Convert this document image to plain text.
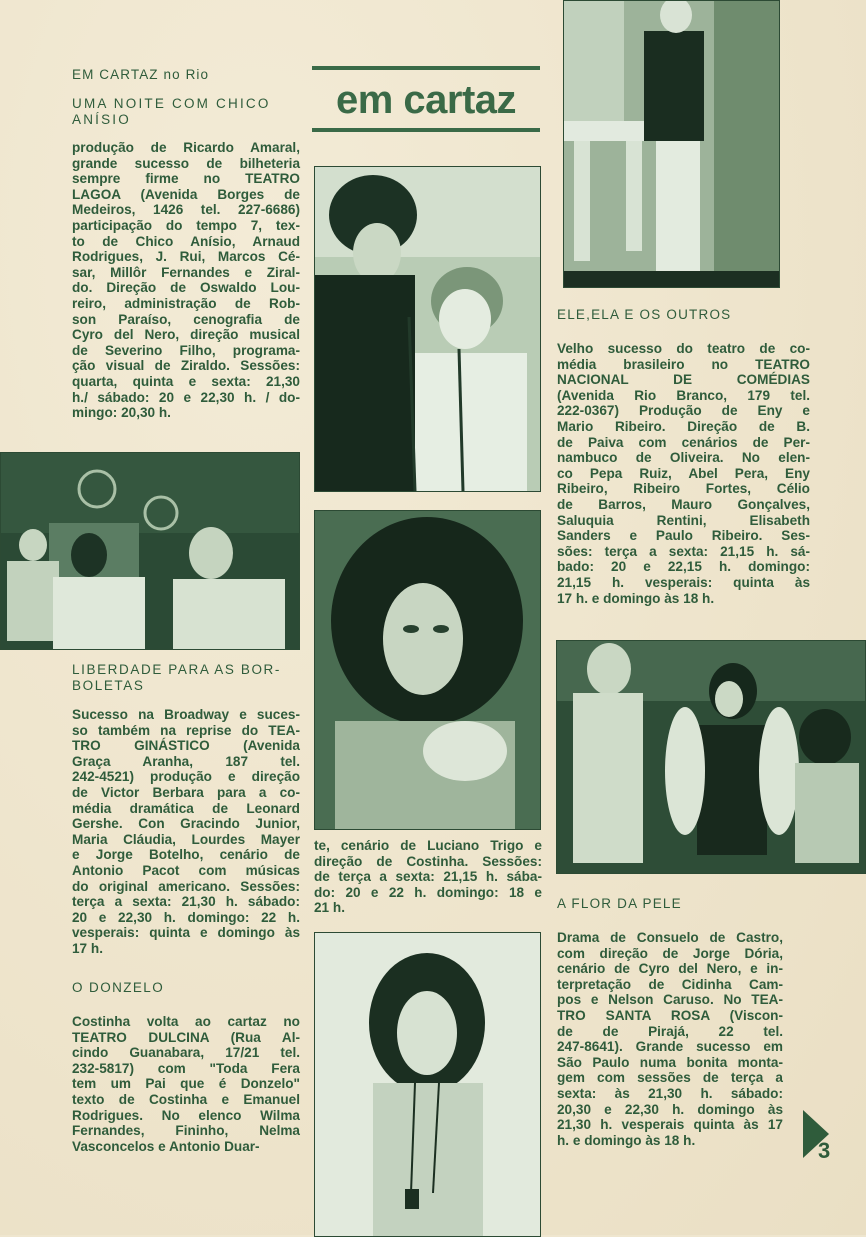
EM CARTAZ no Rio
UMA NOITE COM CHICO ANÍSIO
produção de Ricardo Amaral,
grande sucesso de bilheteria
sempre firme no TEATRO
LAGOA (Avenida Borges de
Medeiros, 1426 tel. 227-6686)
participação do tempo 7, tex-
to de Chico Anísio, Arnaud
Rodrigues, J. Rui, Marcos Cé-
sar, Millôr Fernandes e Ziral-
do. Direção de Oswaldo Lou-
reiro, administração de Rob-
son Paraíso, cenografia de
Cyro del Nero, direção musical
de Severino Filho, programa-
ção visual de Ziraldo. Sessões:
quarta, quinta e sexta: 21,30
h./ sábado: 20 e 22,30 h. / do-
mingo: 20,30 h.
LIBERDADE PARA AS BOR-
BOLETAS
Sucesso na Broadway e suces-
so também na reprise do TEA-
TRO GINÁSTICO (Avenida
Graça Aranha, 187 tel.
242-4521) produção e direção
de Victor Berbara para a co-
média dramática de Leonard
Gershe. Con Gracindo Junior,
Maria Cláudia, Lourdes Mayer
e Jorge Botelho, cenário de
Antonio Pacot com músicas
do original americano. Sessões:
terça a sexta: 21,30 h. sábado:
20 e 22,30 h. domingo: 22 h.
vesperais: quinta e domingo às
17 h.
O DONZELO
Costinha volta ao cartaz no
TEATRO DULCINA (Rua Al-
cindo Guanabara, 17/21 tel.
232-5817) com "Toda Fera
tem um Pai que é Donzelo"
texto de Costinha e Emanuel
Rodrigues. No elenco Wilma
Fernandes, Fininho, Nelma
Vasconcelos e Antonio Duar-
em cartaz
te, cenário de Luciano Trigo e
direção de Costinha. Sessões:
de terça a sexta: 21,15 h. sába-
do: 20 e 22 h. domingo: 18 e
21 h.
ELE,ELA E OS OUTROS
Velho sucesso do teatro de co-
média brasileiro no TEATRO
NACIONAL DE COMÉDIAS
(Avenida Rio Branco, 179 tel.
222-0367) Produção de Eny e
Mario Ribeiro. Direção de B.
de Paiva com cenários de Per-
nambuco de Oliveira. No elen-
co Pepa Ruiz, Abel Pera, Eny
Ribeiro, Ribeiro Fortes, Célio
de Barros, Mauro Gonçalves,
Saluquia Rentini, Elisabeth
Sanders e Paulo Ribeiro. Ses-
sões: terça a sexta: 21,15 h. sá-
bado: 20 e 22,15 h. domingo:
21,15 h. vesperais: quinta às
17 h. e domingo às 18 h.
A FLOR DA PELE
Drama de Consuelo de Castro,
com direção de Jorge Dória,
cenário de Cyro del Nero, e in-
terpretação de Cidinha Cam-
pos e Nelson Caruso. No TEA-
TRO SANTA ROSA (Viscon-
de de Pirajá, 22 tel.
247-8641). Grande sucesso em
São Paulo numa bonita monta-
gem com sessões de terça a
sexta: às 21,30 h. sábado:
20,30 e 22,30 h. domingo às
21,30 h. vesperais quinta às 17
h. e domingo às 18 h.	3
